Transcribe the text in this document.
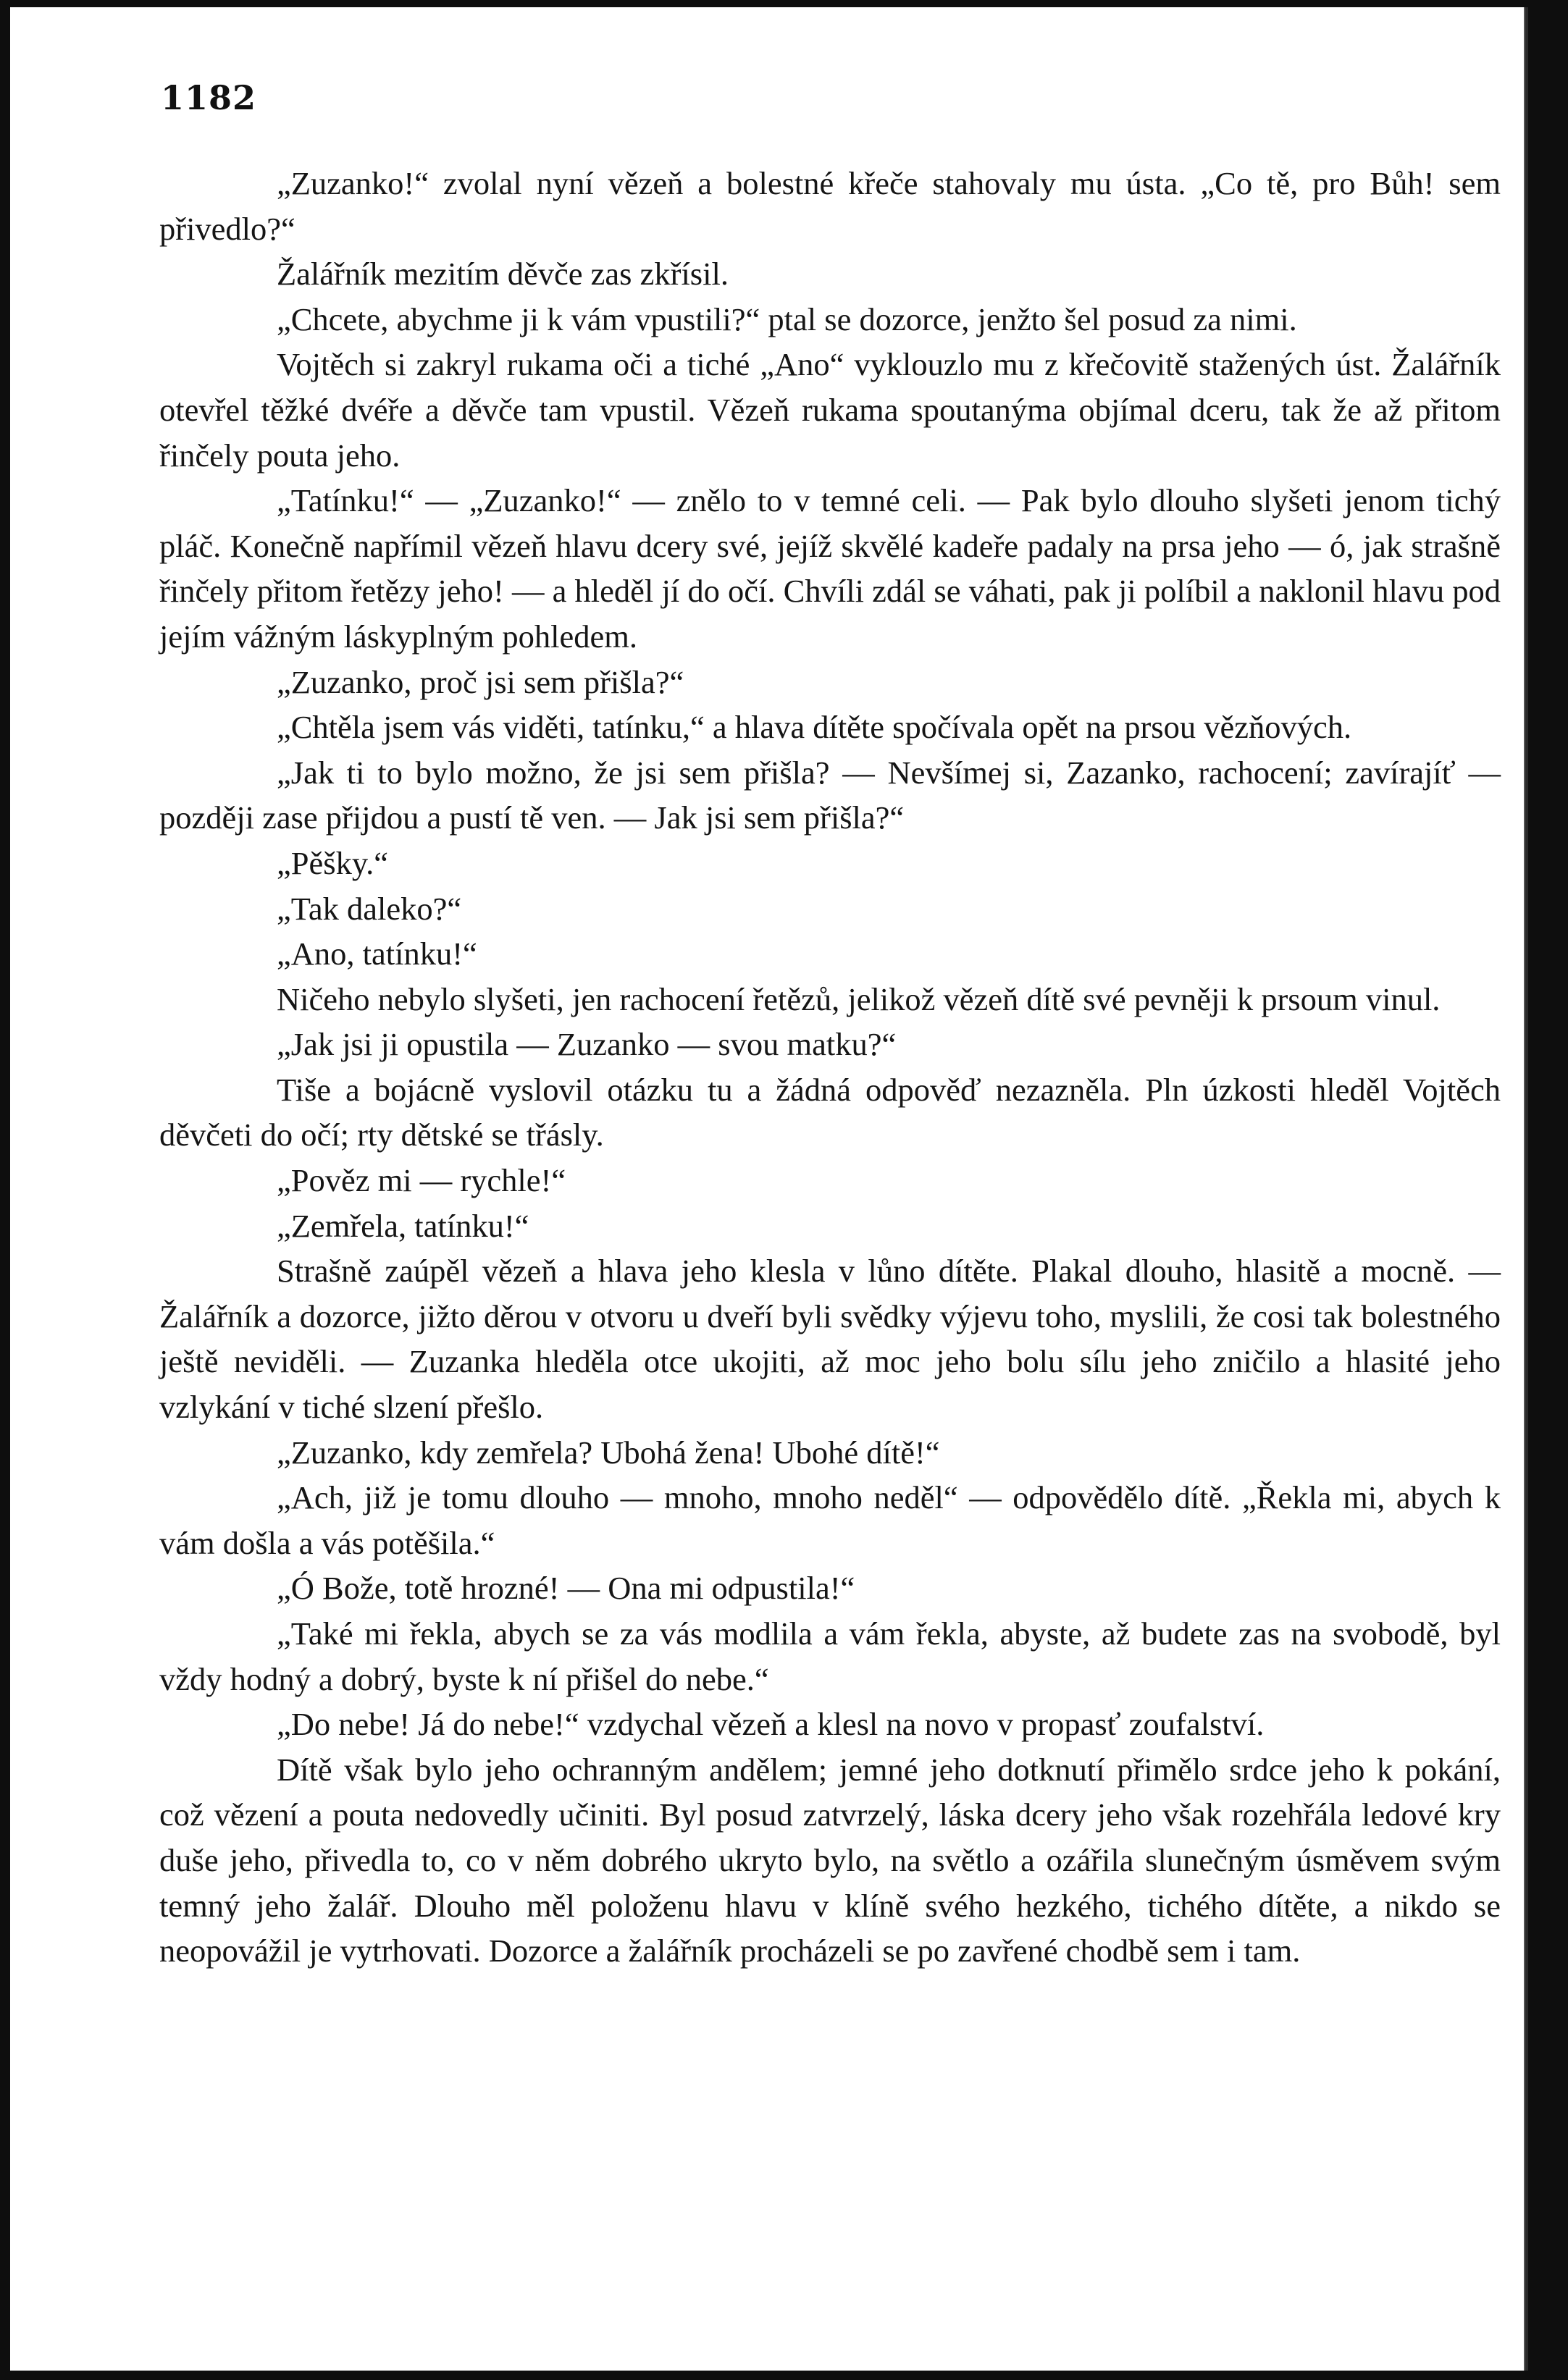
1182

„Zuzanko!“ zvolal nyní vězeň a bolestné křeče stahovaly mu ústa. „Co tě, pro Bůh! sem přivedlo?“

Žalářník mezitím děvče zas zkřísil.

„Chcete, abychme ji k vám vpustili?“ ptal se dozorce, jenžto šel posud za nimi.

Vojtěch si zakryl rukama oči a tiché „Ano“ vyklouzlo mu z křečovitě stažených úst. Žalářník otevřel těžké dvéře a děvče tam vpustil. Vězeň rukama spoutanýma objímal dceru, tak že až přitom řinčely pouta jeho.

„Tatínku!“ — „Zuzanko!“ — znělo to v temné celi. — Pak bylo dlouho slyšeti jenom tichý pláč. Konečně napřímil vězeň hlavu dcery své, jejíž skvělé kadeře padaly na prsa jeho — ó, jak strašně řinčely přitom řetězy jeho! — a hleděl jí do očí. Chvíli zdál se váhati, pak ji políbil a naklonil hlavu pod jejím vážným láskyplným pohledem.

„Zuzanko, proč jsi sem přišla?“

„Chtěla jsem vás viděti, tatínku,“ a hlava dítěte spočívala opět na prsou vězňových.

„Jak ti to bylo možno, že jsi sem přišla? — Nevšímej si, Zazanko, rachocení; zavírajíť — později zase přijdou a pustí tě ven. — Jak jsi sem přišla?“

„Pěšky.“

„Tak daleko?“

„Ano, tatínku!“

Ničeho nebylo slyšeti, jen rachocení řetězů, jelikož vězeň dítě své pevněji k prsoum vinul.

„Jak jsi ji opustila — Zuzanko — svou matku?“

Tiše a bojácně vyslovil otázku tu a žádná odpověď nezazněla. Pln úzkosti hleděl Vojtěch děvčeti do očí; rty dětské se třásly.

„Pověz mi — rychle!“

„Zemřela, tatínku!“

Strašně zaúpěl vězeň a hlava jeho klesla v lůno dítěte. Plakal dlouho, hlasitě a mocně. — Žalářník a dozorce, jižto děrou v otvoru u dveří byli svědky výjevu toho, myslili, že cosi tak bolestného ještě neviděli. — Zuzanka hleděla otce ukojiti, až moc jeho bolu sílu jeho zničilo a hlasité jeho vzlykání v tiché slzení přešlo.

„Zuzanko, kdy zemřela? Ubohá žena! Ubohé dítě!“

„Ach, již je tomu dlouho — mnoho, mnoho neděl“ — odpovědělo dítě. „Řekla mi, abych k vám došla a vás potěšila.“

„Ó Bože, totě hrozné! — Ona mi odpustila!“

„Také mi řekla, abych se za vás modlila a vám řekla, abyste, až budete zas na svobodě, byl vždy hodný a dobrý, byste k ní přišel do nebe.“

„Do nebe! Já do nebe!“ vzdychal vězeň a klesl na novo v propasť zoufalství.

Dítě však bylo jeho ochranným andělem; jemné jeho dotknutí přimělo srdce jeho k pokání, což vězení a pouta nedovedly učiniti. Byl posud zatvrzelý, láska dcery jeho však rozehřála ledové kry duše jeho, přivedla to, co v něm dobrého ukryto bylo, na světlo a ozářila slunečným úsměvem svým temný jeho žalář. Dlouho měl položenu hlavu v klíně svého hezkého, tichého dítěte, a nikdo se neopovážil je vytrhovati. Dozorce a žalářník procházeli se po zavřené chodbě sem i tam.
